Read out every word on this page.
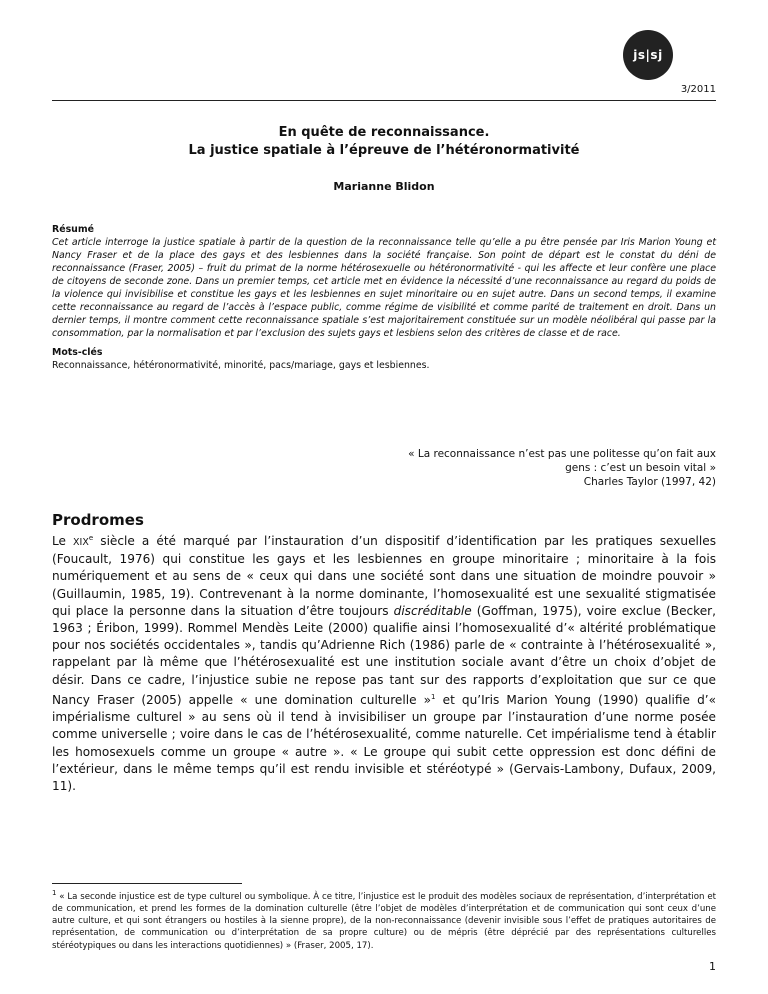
js|sj
3/2011
En quête de reconnaissance.
La justice spatiale à l’épreuve de l’hétéronormativité
Marianne Blidon

Résumé

Cet article interroge la justice spatiale à partir de la question de la reconnaissance telle qu’elle a pu être pensée par Iris Marion Young et Nancy Fraser et de la place des gays et des lesbiennes dans la société française. Son point de départ est le constat du déni de reconnaissance (Fraser, 2005) – fruit du primat de la norme hétérosexuelle ou hétéronormativité - qui les affecte et leur confère une place de citoyens de seconde zone. Dans un premier temps, cet article met en évidence la nécessité d’une reconnaissance au regard du poids de la violence qui invisibilise et constitue les gays et les lesbiennes en sujet minoritaire ou en sujet autre. Dans un second temps, il examine cette reconnaissance au regard de l’accès à l’espace public, comme régime de visibilité et comme parité de traitement en droit. Dans un dernier temps, il montre comment cette reconnaissance spatiale s’est majoritairement constituée sur un modèle néolibéral qui passe par la consommation, par la normalisation et par l’exclusion des sujets gays et lesbiens selon des critères de classe et de race.

Mots-clés

Reconnaissance, hétéronormativité, minorité, pacs/mariage, gays et lesbiennes.

« La reconnaissance n’est pas une politesse qu’on fait aux

gens : c’est un besoin vital »

Charles Taylor (1997, 42)

Prodromes

Le XIXe siècle a été marqué par l’instauration d’un dispositif d’identification par les pratiques sexuelles (Foucault, 1976) qui constitue les gays et les lesbiennes en groupe minoritaire ; minoritaire à la fois numériquement et au sens de « ceux qui dans une société sont dans une situation de moindre pouvoir » (Guillaumin, 1985, 19). Contrevenant à la norme dominante, l’homosexualité est une sexualité stigmatisée qui place la personne dans la situation d’être toujours discréditable (Goffman, 1975), voire exclue (Becker, 1963 ; Éribon, 1999). Rommel Mendès Leite (2000) qualifie ainsi l’homosexualité d’« altérité problématique pour nos sociétés occidentales », tandis qu’Adrienne Rich (1986) parle de « contrainte à l’hétérosexualité », rappelant par là même que l’hétérosexualité est une institution sociale avant d’être un choix d’objet de désir. Dans ce cadre, l’injustice subie ne repose pas tant sur des rapports d’exploitation que sur ce que Nancy Fraser (2005) appelle « une domination culturelle »$^1$ et qu’Iris Marion Young (1990) qualifie d’« impérialisme culturel » au sens où il tend à invisibiliser un groupe par l’instauration d’une norme posée comme universelle ; voire dans le cas de l’hétérosexualité, comme naturelle. Cet impérialisme tend à établir les homosexuels comme un groupe « autre ». « Le groupe qui subit cette oppression est donc défini de l’extérieur, dans le même temps qu’il est rendu invisible et stéréotypé » (Gervais-Lambony, Dufaux, 2009, 11).

$^1$ « La seconde injustice est de type culturel ou symbolique. À ce titre, l’injustice est le produit des modèles sociaux de représentation, d’interprétation et de communication, et prend les formes de la domination culturelle (être l’objet de modèles d’interprétation et de communication qui sont ceux d’une autre culture, et qui sont étrangers ou hostiles à la sienne propre), de la non-reconnaissance (devenir invisible sous l’effet de pratiques autoritaires de représentation, de communication ou d’interprétation de sa propre culture) ou de mépris (être déprécié par des représentations culturelles stéréotypiques ou dans les interactions quotidiennes) » (Fraser, 2005, 17).

1
